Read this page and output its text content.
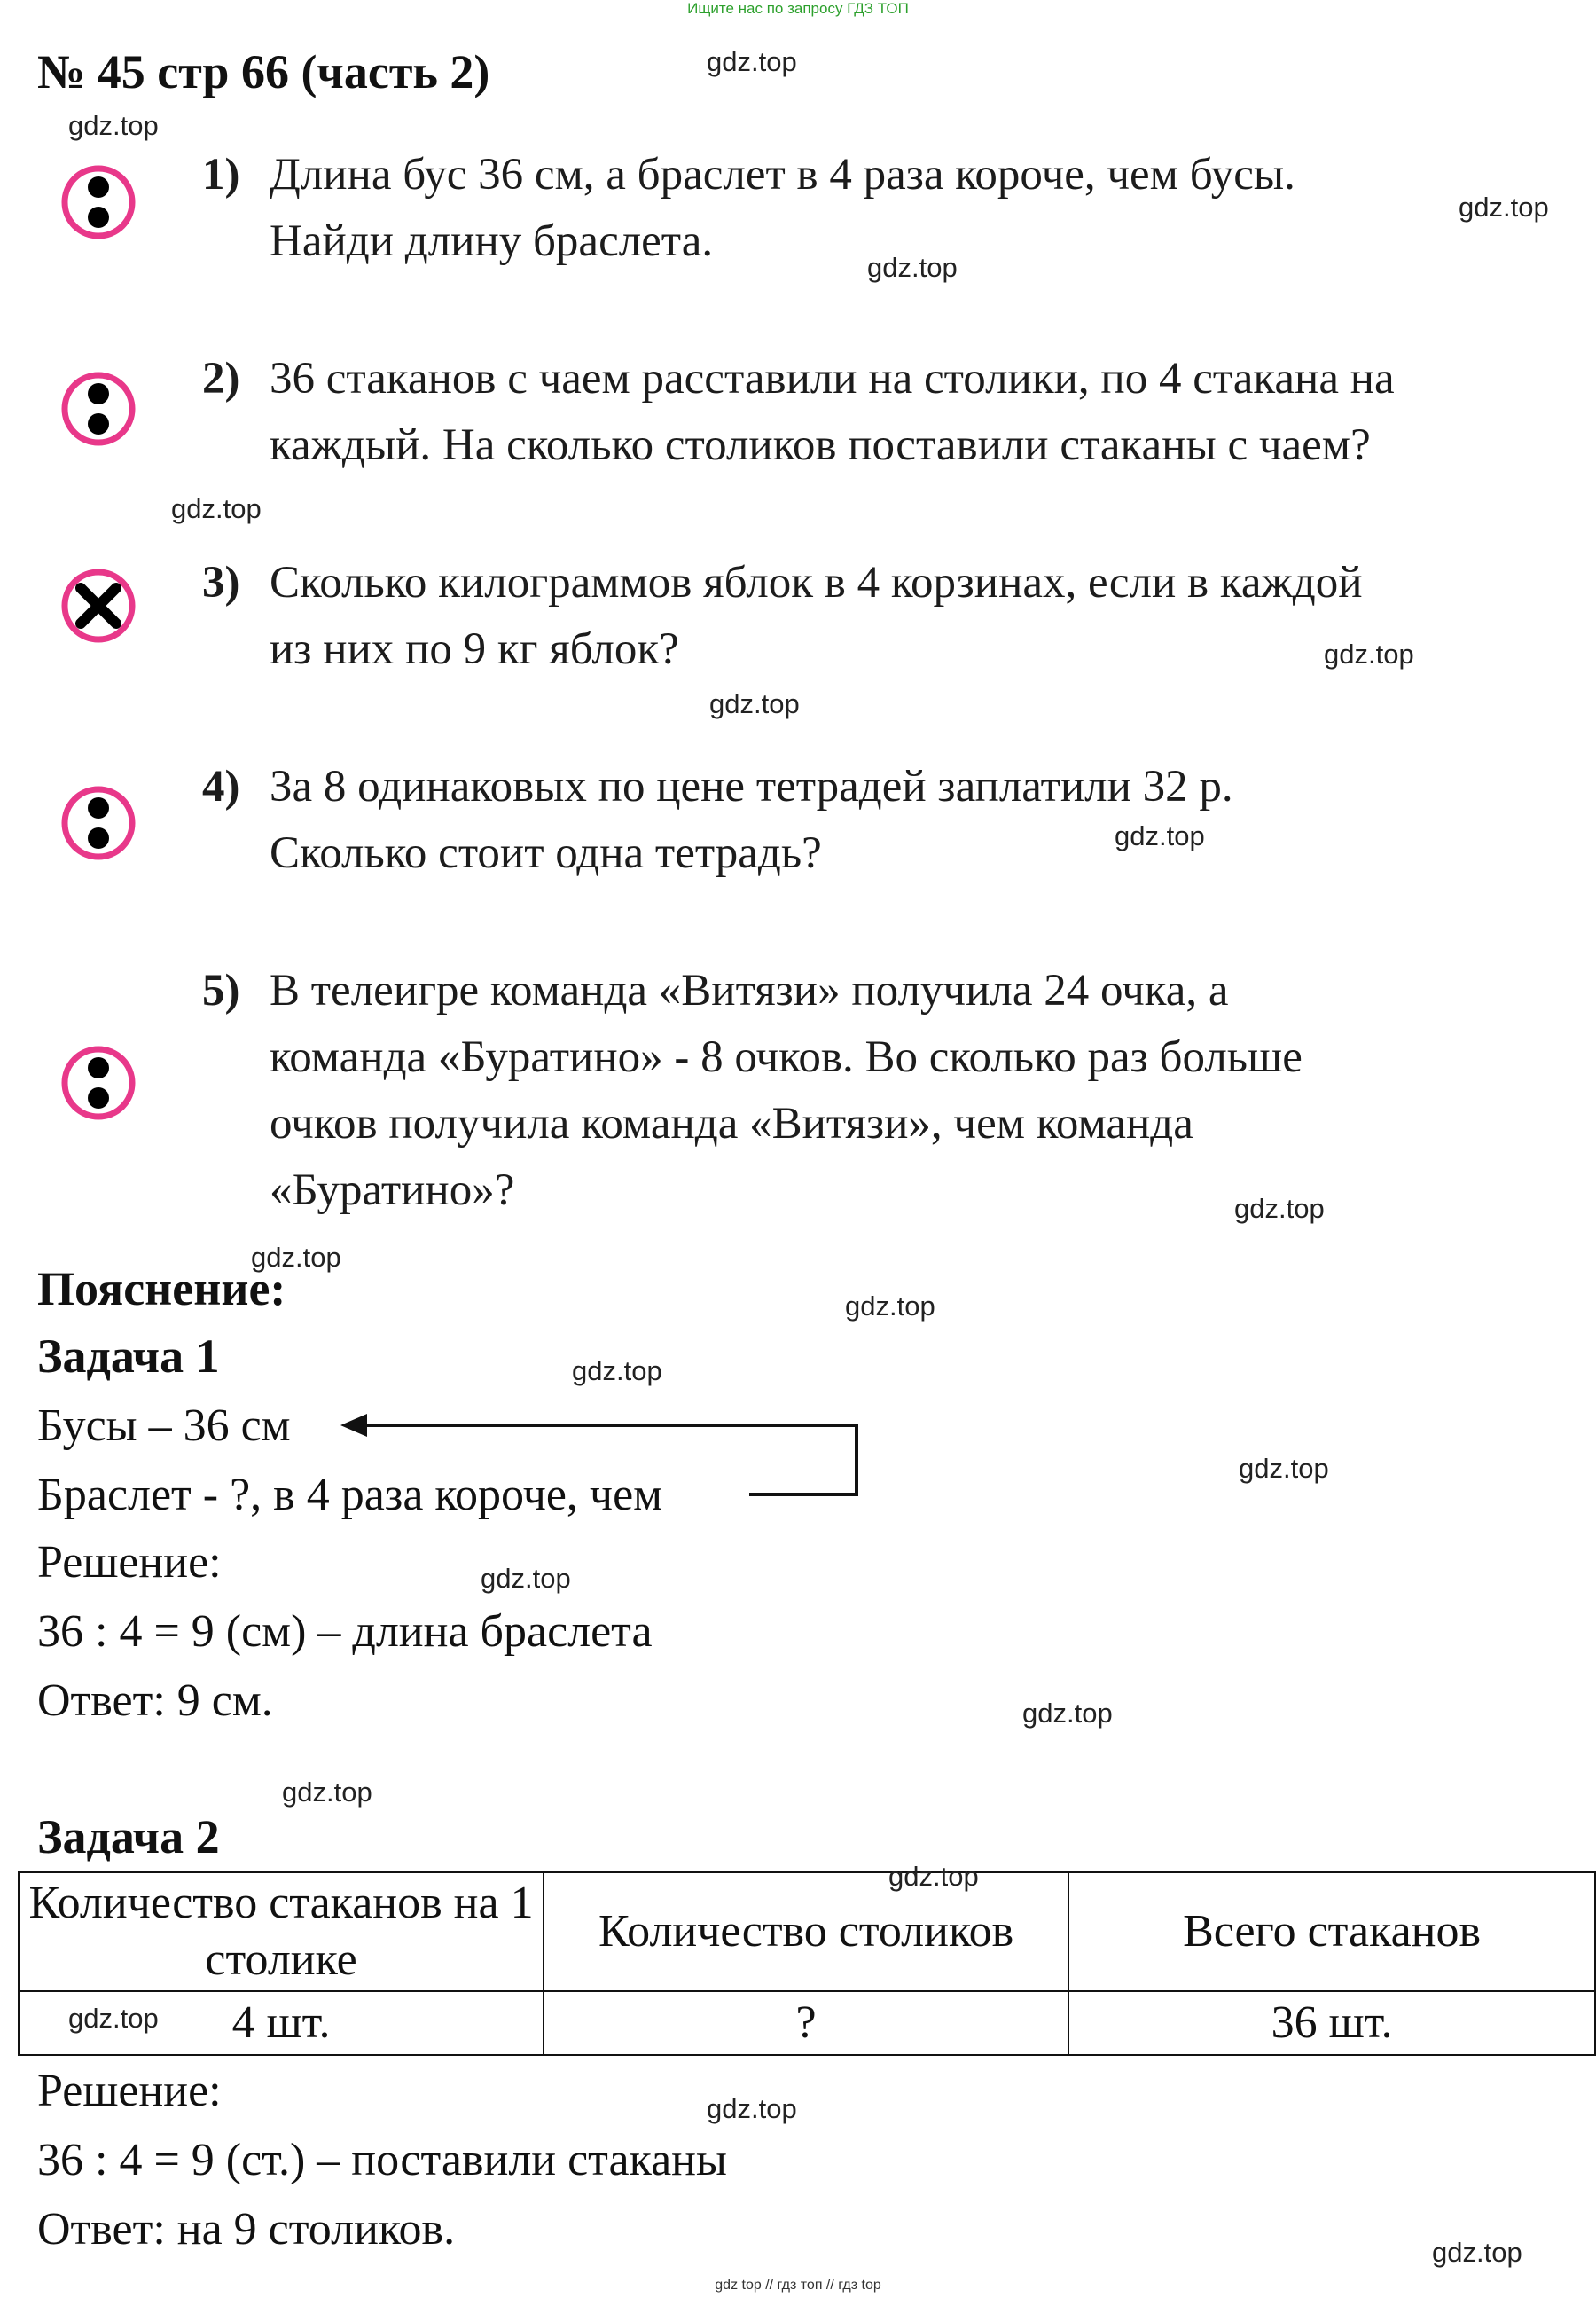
Ищите нас по запросу ГДЗ ТОП
gdz top // гдз топ // гдз top
№ 45 стр 66 (часть 2)
1) Длина бус 36 см, а браслет в 4 раза короче, чем бусы.
Найди длину браслета.
2) 36 стаканов с чаем расставили на столики, по 4 стакана на
каждый. На сколько столиков поставили стаканы с чаем?
3) Сколько килограммов яблок в 4 корзинах, если в каждой
из них по 9 кг яблок?
4) За 8 одинаковых по цене тетрадей заплатили 32 р.
Сколько стоит одна тетрадь?
5) В телеигре команда «Витязи» получила 24 очка, а
команда «Буратино» - 8 очков. Во сколько раз больше
очков получила команда «Витязи», чем команда
«Буратино»?
Пояснение:
Задача 1
Бусы – 36 см
Браслет - ?, в 4 раза короче, чем
Решение:
36 : 4 = 9 (см) – длина браслета
Ответ: 9 см.
Задача 2
Количество стаканов на 1 столике	Количество столиков	Всего стаканов
4 шт.	?	36 шт.
Решение:
36 : 4 = 9 (ст.) – поставили стаканы
Ответ: на 9 столиков.
gdz.top
gdz.top
gdz.top
gdz.top
gdz.top
gdz.top
gdz.top
gdz.top
gdz.top
gdz.top
gdz.top
gdz.top
gdz.top
gdz.top
gdz.top
gdz.top
gdz.top
gdz.top
gdz.top
gdz.top
